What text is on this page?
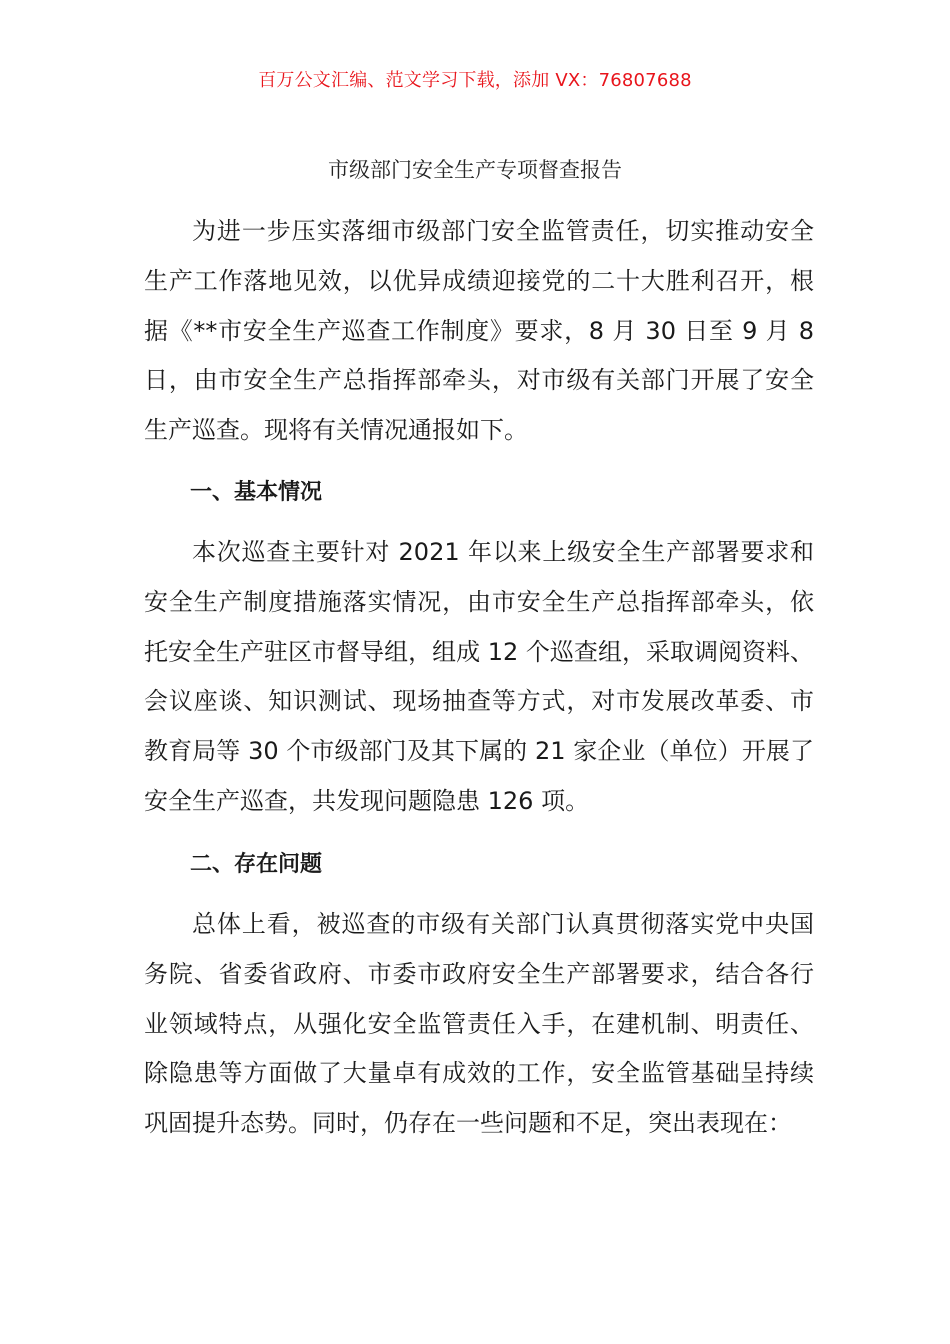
百万公文汇编、范文学习下载，添加 VX：76807688
市级部门安全生产专项督查报告

为进一步压实落细市级部门安全监管责任，切实推动安全生产工作落地见效，以优异成绩迎接党的二十大胜利召开，根据《**市安全生产巡查工作制度》要求，8 月 30 日至 9 月 8 日，由市安全生产总指挥部牵头，对市级有关部门开展了安全生产巡查。现将有关情况通报如下。

一、基本情况

本次巡查主要针对 2021 年以来上级安全生产部署要求和安全生产制度措施落实情况，由市安全生产总指挥部牵头，依托安全生产驻区市督导组，组成 12 个巡查组，采取调阅资料、会议座谈、知识测试、现场抽查等方式，对市发展改革委、市教育局等 30 个市级部门及其下属的 21 家企业（单位）开展了安全生产巡查，共发现问题隐患 126 项。

二、存在问题

总体上看，被巡查的市级有关部门认真贯彻落实党中央国务院、省委省政府、市委市政府安全生产部署要求，结合各行业领域特点，从强化安全监管责任入手，在建机制、明责任、除隐患等方面做了大量卓有成效的工作，安全监管基础呈持续巩固提升态势。同时，仍存在一些问题和不足，突出表现在：
